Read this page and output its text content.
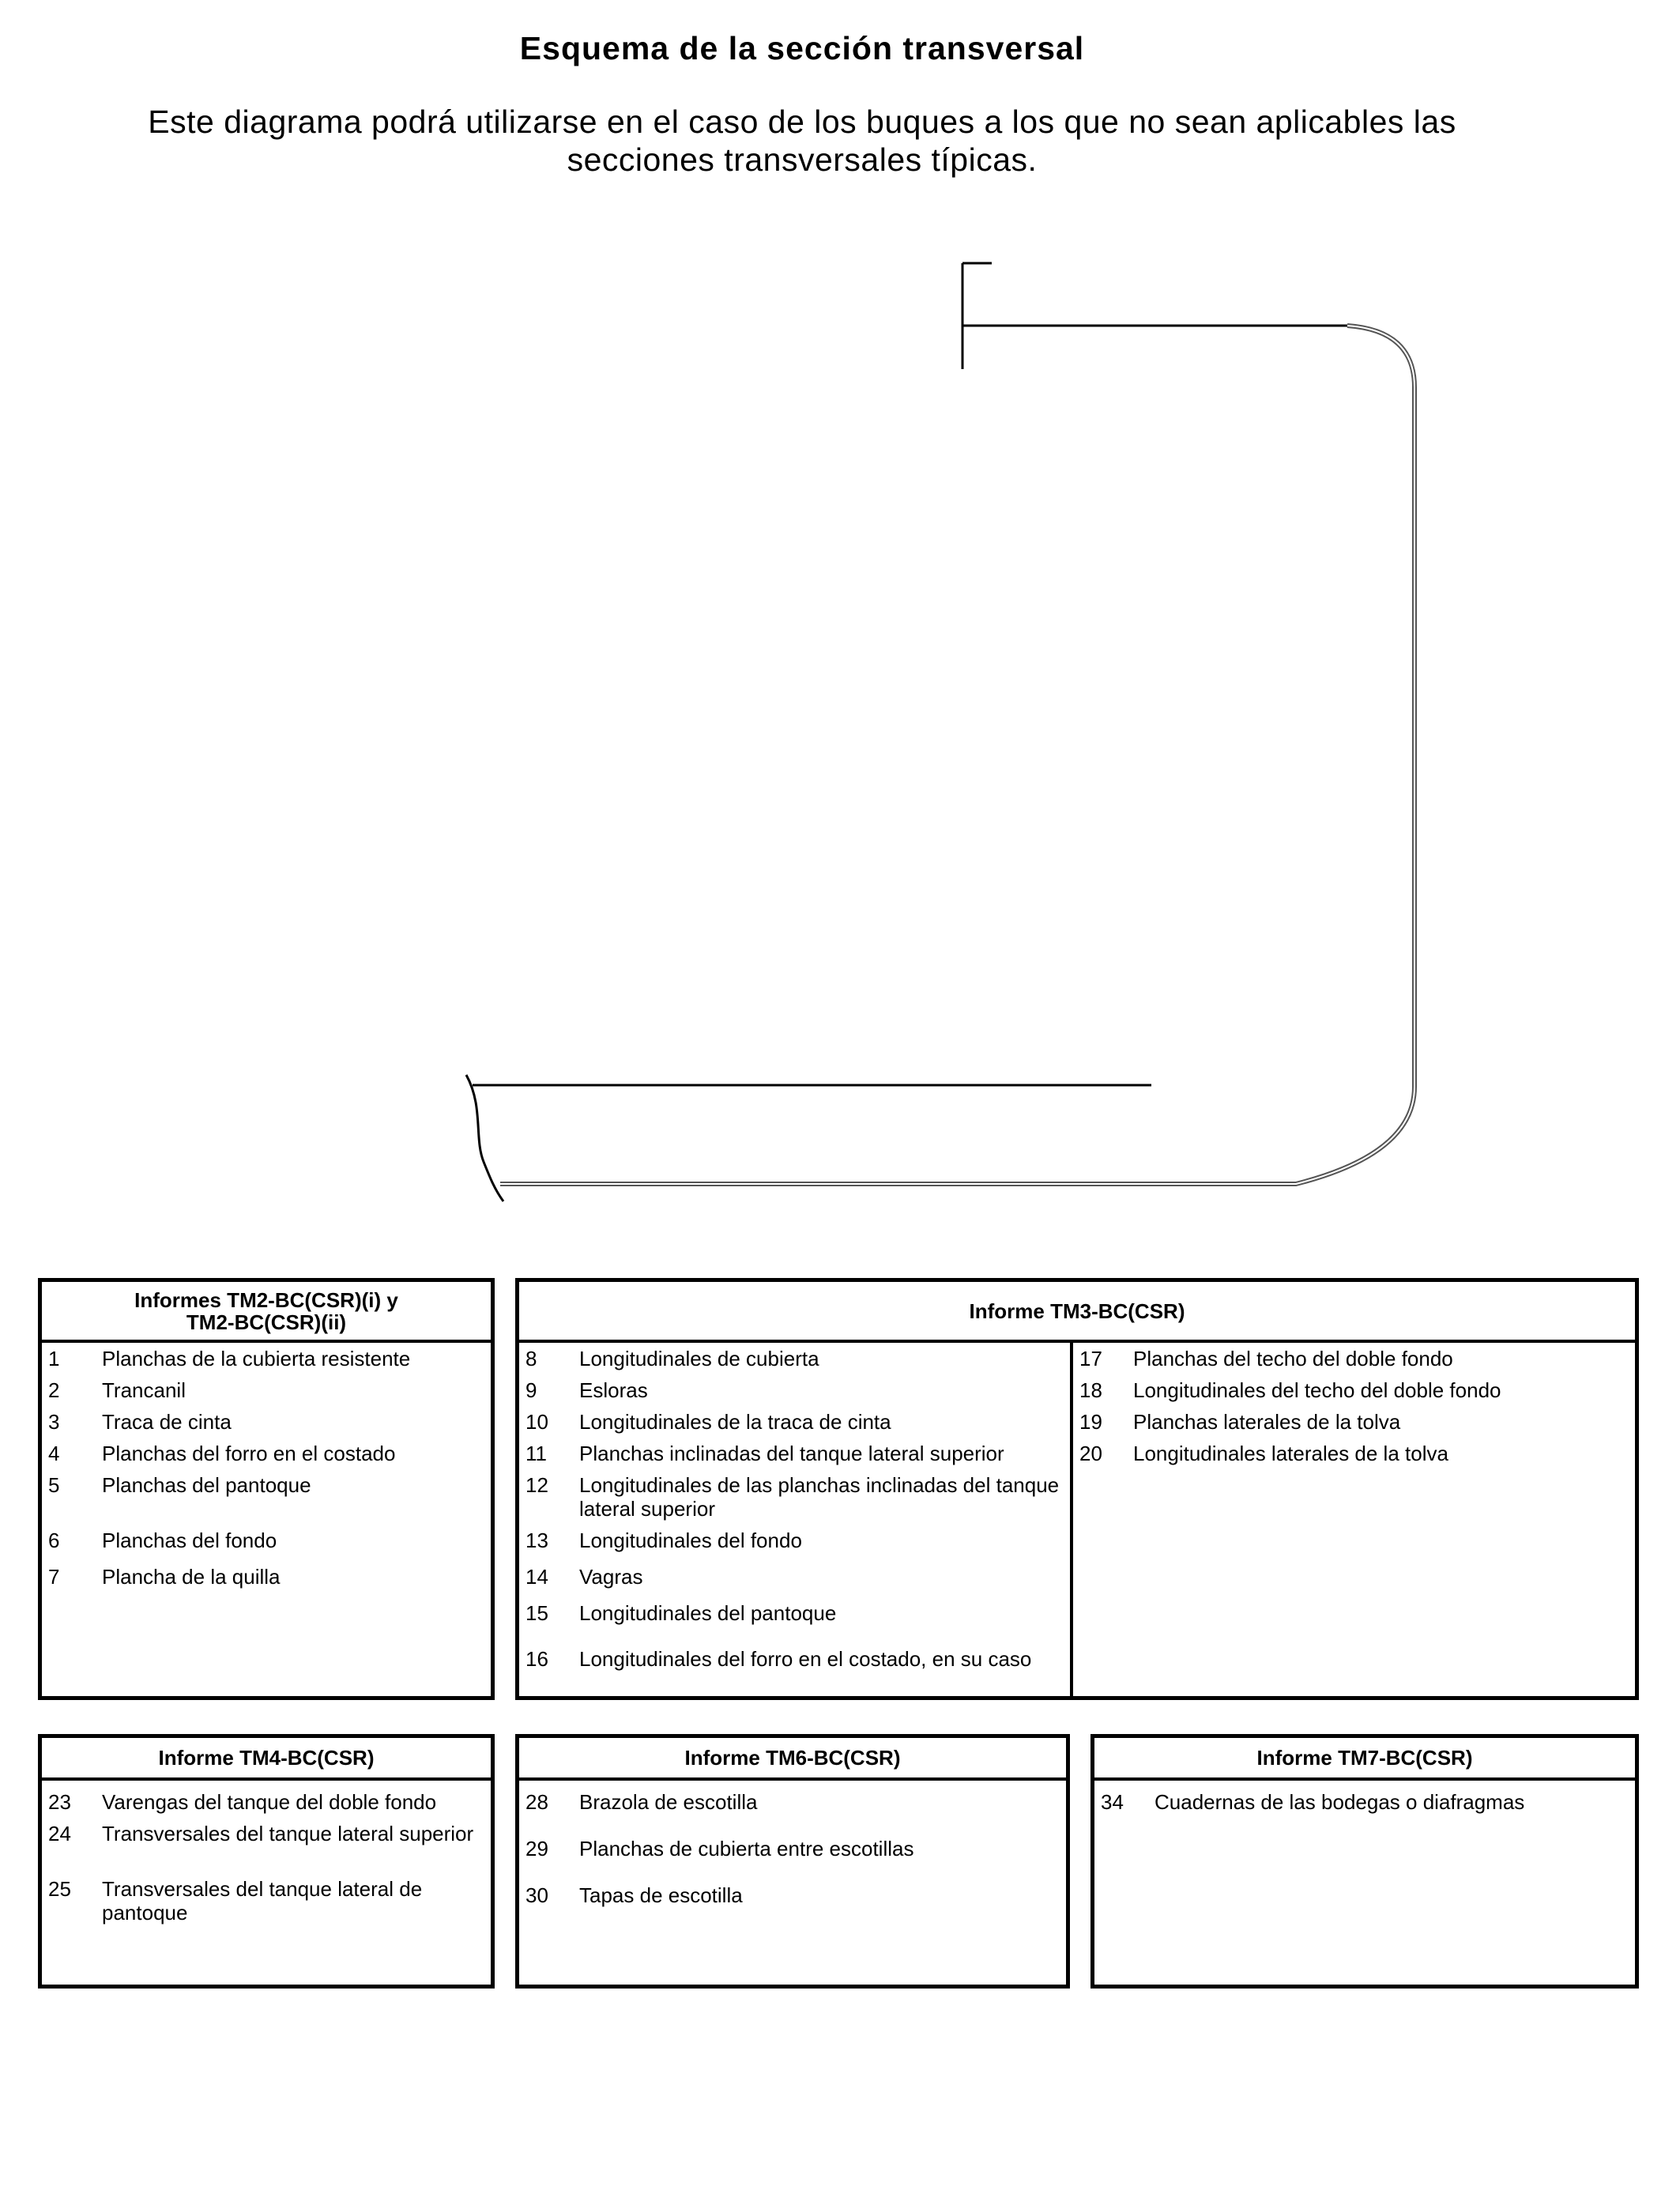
Esquema de la sección transversal
Este diagrama podrá utilizarse en el caso de los buques a los que no sean aplicables las
secciones transversales típicas.
Informes TM2-BC(CSR)(i) y
TM2-BC(CSR)(ii)
1 Planchas de la cubierta resistente
2 Trancanil
3 Traca de cinta
4 Planchas del forro en el costado
5 Planchas del pantoque
6 Planchas del fondo
7 Plancha de la quilla
Informe TM3-BC(CSR)
8 Longitudinales de cubierta
9 Esloras
10 Longitudinales de la traca de cinta
11 Planchas inclinadas del tanque lateral superior
12 Longitudinales de las planchas inclinadas del tanque lateral superior
13 Longitudinales del fondo
14 Vagras
15 Longitudinales del pantoque
16 Longitudinales del forro en el costado, en su caso
17 Planchas del techo del doble fondo
18 Longitudinales del techo del doble fondo
19 Planchas laterales de la tolva
20 Longitudinales laterales de la tolva
Informe TM4-BC(CSR)
23 Varengas del tanque del doble fondo
24 Transversales del tanque lateral superior
25 Transversales del tanque lateral de pantoque
Informe TM6-BC(CSR)
28 Brazola de escotilla
29 Planchas de cubierta entre escotillas
30 Tapas de escotilla
Informe TM7-BC(CSR)
34 Cuadernas de las bodegas o diafragmas
